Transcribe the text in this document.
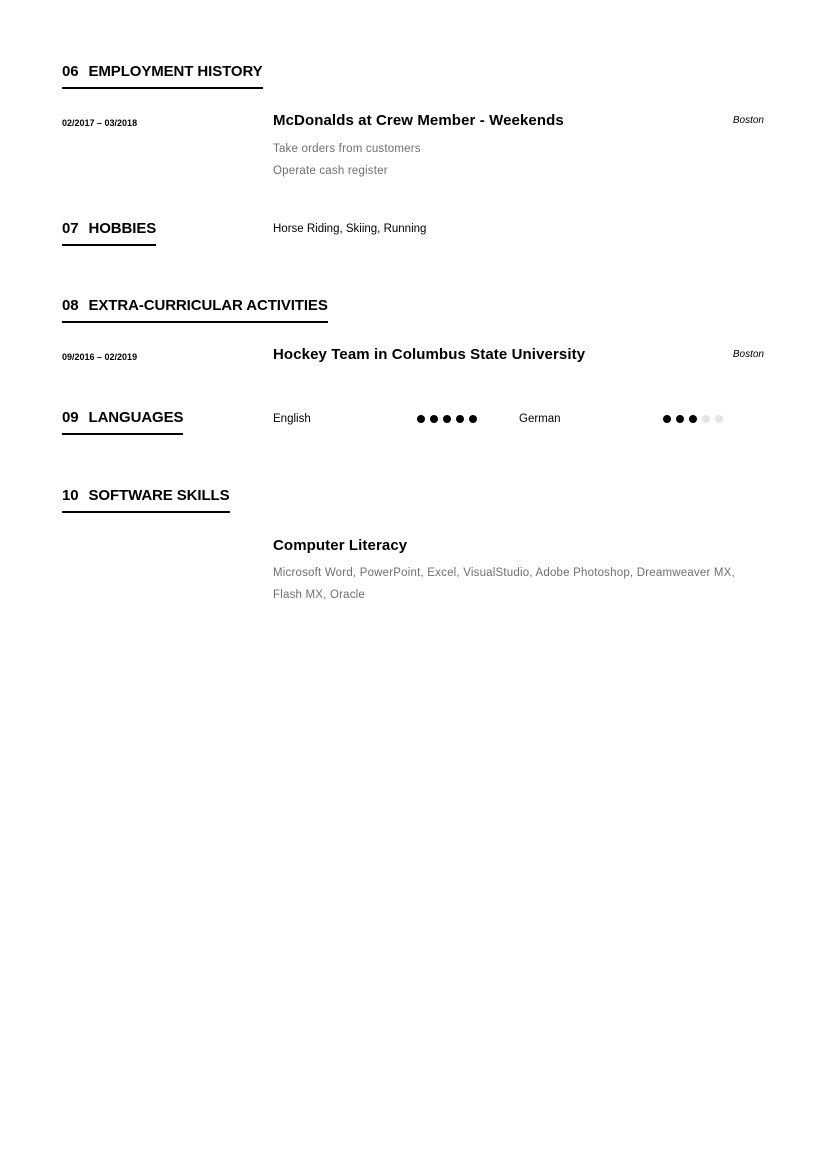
06 EMPLOYMENT HISTORY
02/2017 – 03/2018	McDonalds at Crew Member - Weekends	Boston
Take orders from customers
Operate cash register
07 HOBBIES	Horse Riding, Skiing, Running
08 EXTRA-CURRICULAR ACTIVITIES
09/2016 – 02/2019	Hockey Team in Columbus State University	Boston
09 LANGUAGES	English	German
10 SOFTWARE SKILLS
Computer Literacy
Microsoft Word, PowerPoint, Excel, VisualStudio, Adobe Photoshop, Dreamweaver MX, Flash MX, Oracle
